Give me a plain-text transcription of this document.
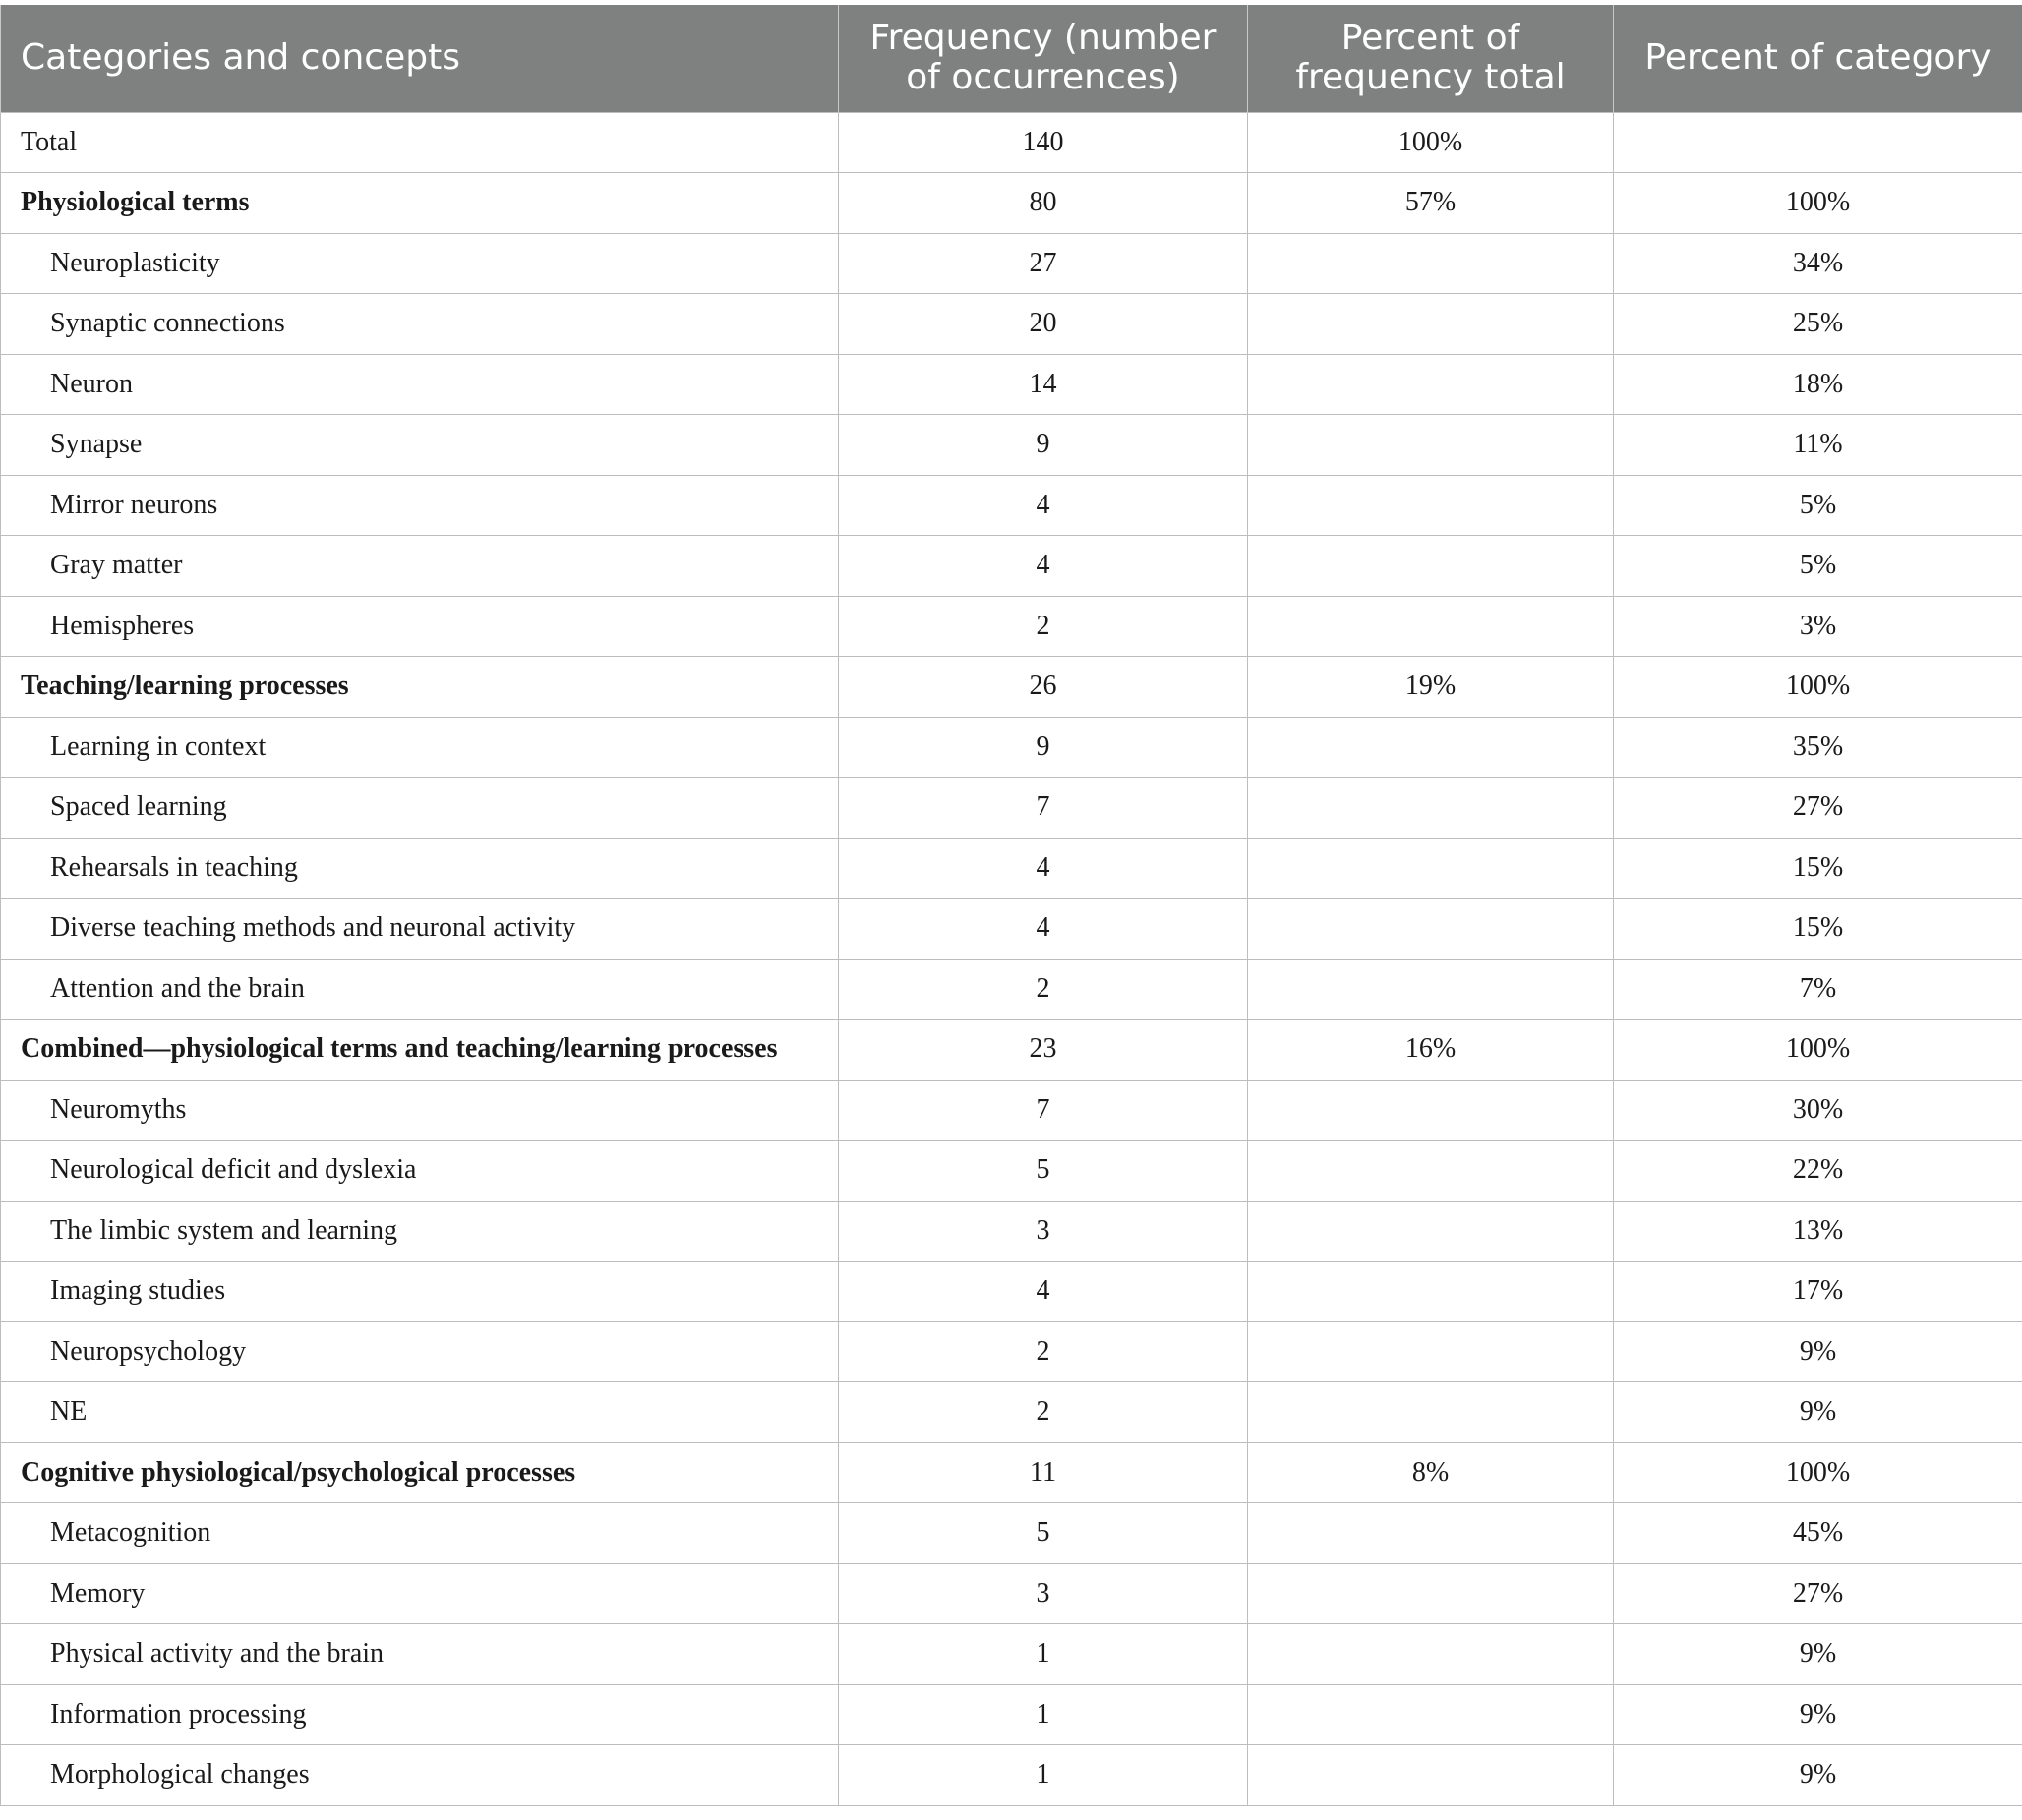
Categories and concepts	Frequency (number of occurrences)	Percent of frequency total	Percent of category
Total	140	100%	
Physiological terms	80	57%	100%
Neuroplasticity	27		34%
Synaptic connections	20		25%
Neuron	14		18%
Synapse	9		11%
Mirror neurons	4		5%
Gray matter	4		5%
Hemispheres	2		3%
Teaching/learning processes	26	19%	100%
Learning in context	9		35%
Spaced learning	7		27%
Rehearsals in teaching	4		15%
Diverse teaching methods and neuronal activity	4		15%
Attention and the brain	2		7%
Combined—physiological terms and teaching/learning processes	23	16%	100%
Neuromyths	7		30%
Neurological deficit and dyslexia	5		22%
The limbic system and learning	3		13%
Imaging studies	4		17%
Neuropsychology	2		9%
NE	2		9%
Cognitive physiological/psychological processes	11	8%	100%
Metacognition	5		45%
Memory	3		27%
Physical activity and the brain	1		9%
Information processing	1		9%
Morphological changes	1		9%
